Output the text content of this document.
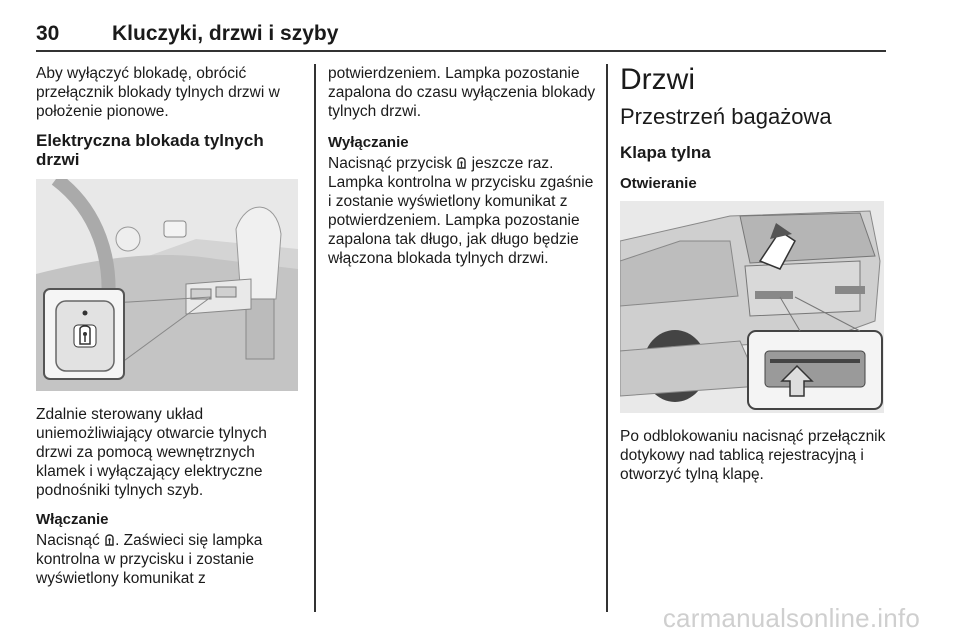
30	Kluczyki, drzwi i szyby

Aby wyłączyć blokadę, obrócić przełącznik blokady tylnych drzwi w położenie pionowe.

Elektryczna blokada tylnych drzwi

Zdalnie sterowany układ uniemożliwiający otwarcie tylnych drzwi za pomocą wewnętrznych klamek i wyłączający elektryczne podnośniki tylnych szyb.

Włączanie

Nacisnąć . Zaświeci się lampka kontrolna w przycisku i zostanie wyświetlony komunikat z

potwierdzeniem. Lampka pozostanie zapalona do czasu wyłączenia blokady tylnych drzwi.

Wyłączanie

Nacisnąć przycisk jeszcze raz. Lampka kontrolna w przycisku zgaśnie i zostanie wyświetlony komunikat z potwierdzeniem. Lampka pozostanie zapalona tak długo, jak długo będzie włączona blokada tylnych drzwi.

Drzwi
Przestrzeń bagażowa
Klapa tylna
Otwieranie

Po odblokowaniu nacisnąć przełącznik dotykowy nad tablicą rejestracyjną i otworzyć tylną klapę.

carmanualsonline.info
